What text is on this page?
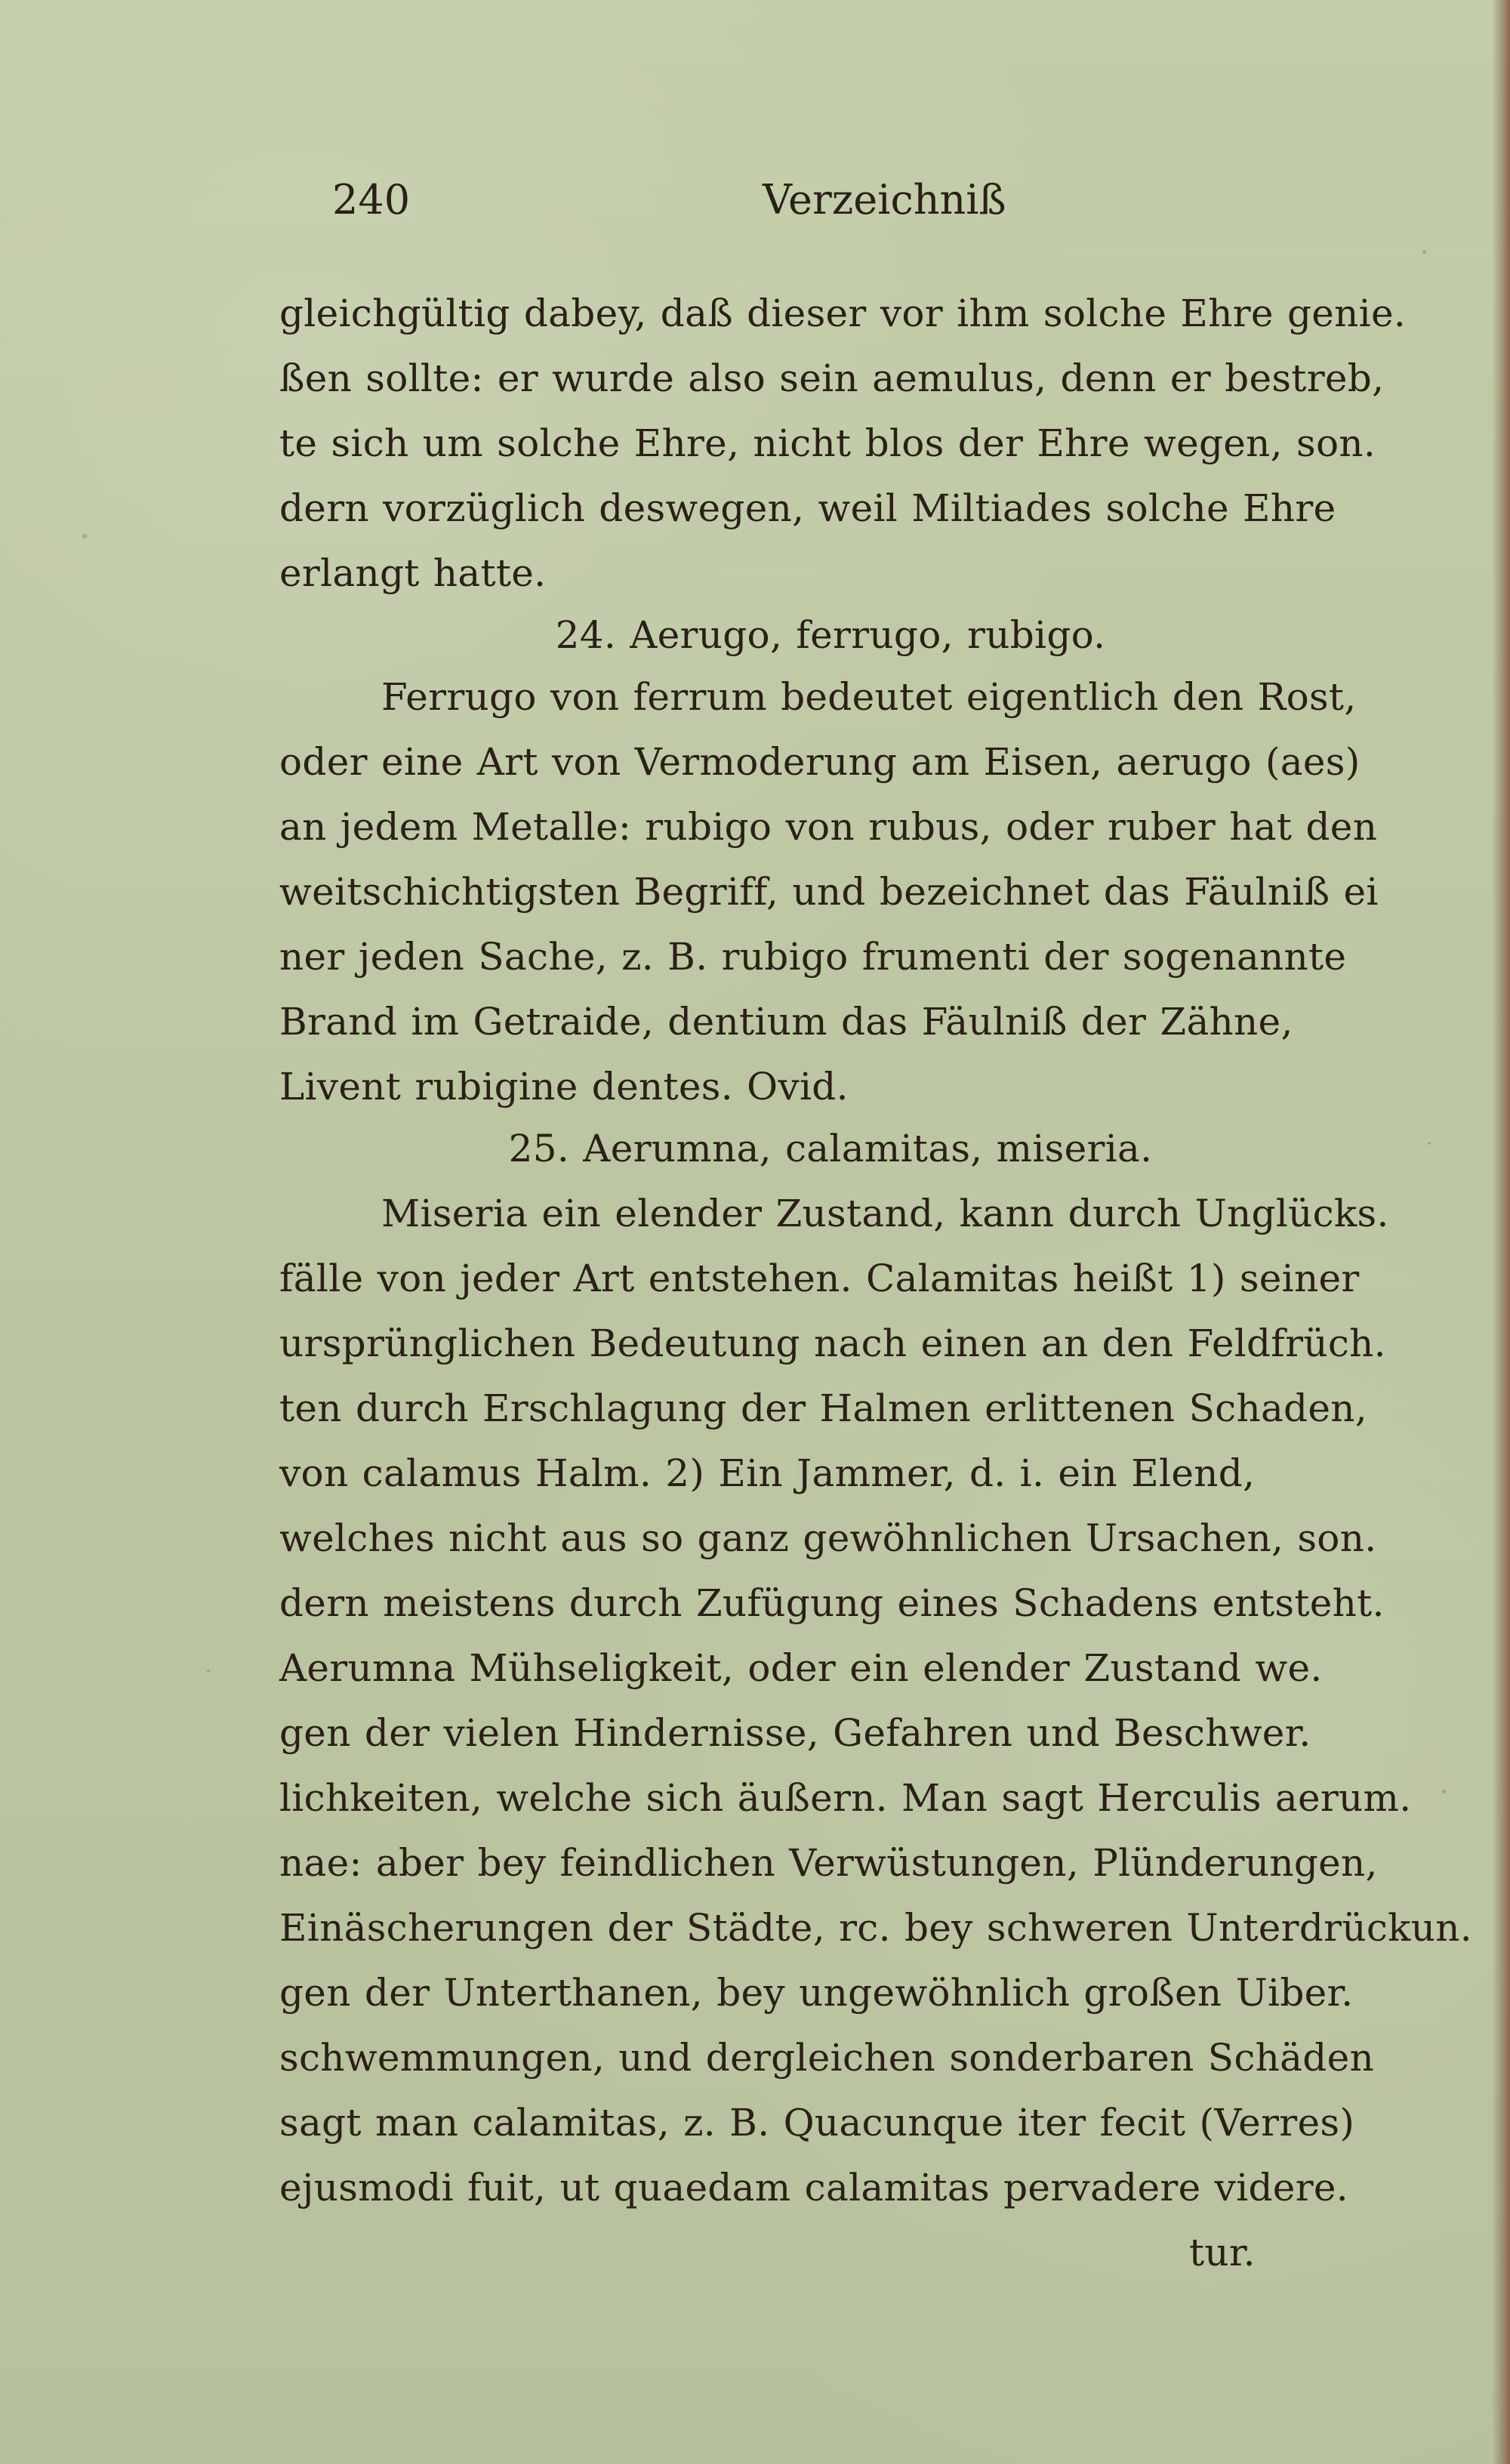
240	Verzeichniß
gleichgültig dabey, daß dieser vor ihm solche Ehre genie.
ßen sollte: er wurde also sein aemulus, denn er bestreb,
te sich um solche Ehre, nicht blos der Ehre wegen, son.
dern vorzüglich deswegen, weil Miltiades solche Ehre
erlangt hatte.
24. Aerugo, ferrugo, rubigo.
Ferrugo von ferrum bedeutet eigentlich den Rost,
oder eine Art von Vermoderung am Eisen, aerugo (aes)
an jedem Metalle: rubigo von rubus, oder ruber hat den
weitschichtigsten Begriff, und bezeichnet das Fäulniß ei
ner jeden Sache, z. B. rubigo frumenti der sogenannte
Brand im Getraide, dentium das Fäulniß der Zähne,
Livent rubigine dentes. Ovid.
25. Aerumna, calamitas, miseria.
Miseria ein elender Zustand, kann durch Unglücks.
fälle von jeder Art entstehen. Calamitas heißt 1) seiner
ursprünglichen Bedeutung nach einen an den Feldfrüch.
ten durch Erschlagung der Halmen erlittenen Schaden,
von calamus Halm. 2) Ein Jammer, d. i. ein Elend,
welches nicht aus so ganz gewöhnlichen Ursachen, son.
dern meistens durch Zufügung eines Schadens entsteht.
Aerumna Mühseligkeit, oder ein elender Zustand we.
gen der vielen Hindernisse, Gefahren und Beschwer.
lichkeiten, welche sich äußern. Man sagt Herculis aerum.
nae: aber bey feindlichen Verwüstungen, Plünderungen,
Einäscherungen der Städte, rc. bey schweren Unterdrückun.
gen der Unterthanen, bey ungewöhnlich großen Uiber.
schwemmungen, und dergleichen sonderbaren Schäden
sagt man calamitas, z. B. Quacunque iter fecit (Verres)
ejusmodi fuit, ut quaedam calamitas pervadere videre.
tur.
